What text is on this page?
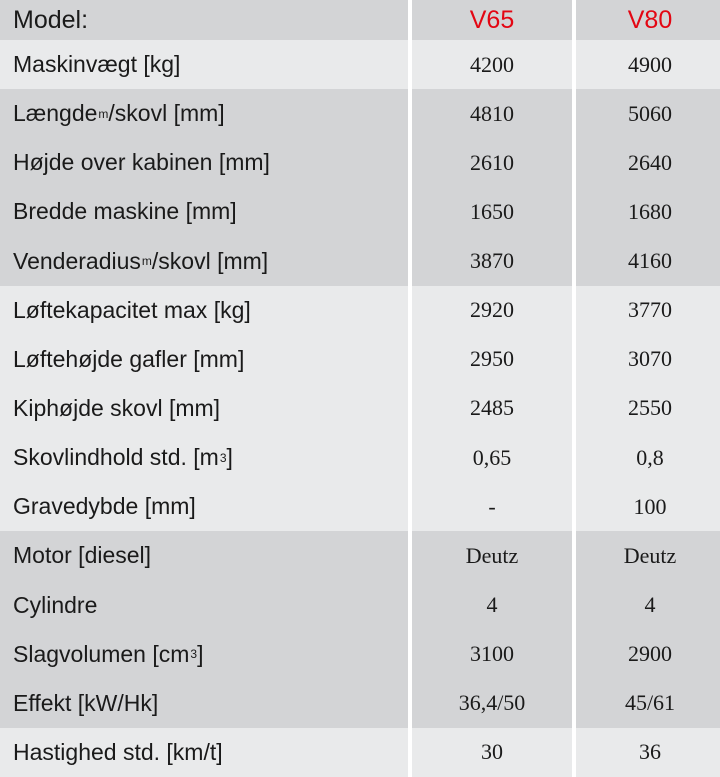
Model:	V65	V80
Maskinvægt [kg]	4200	4900
Længde m /skovl [mm]	4810	5060
Højde over kabinen [mm]	2610	2640
Bredde maskine [mm]	1650	1680
Venderadius m /skovl [mm]	3870	4160
Løftekapacitet max [kg]	2920	3770
Løftehøjde gafler [mm]	2950	3070
Kiphøjde skovl [mm]	2485	2550
Skovlindhold std. [m 3 ]	0,65	0,8
Gravedybde [mm]	-	100
Motor [diesel]	Deutz	Deutz
Cylindre	4	4
Slagvolumen [cm 3 ]	3100	2900
Effekt [kW/Hk]	36,4/50	45/61
Hastighed std. [km/t]	30	36
